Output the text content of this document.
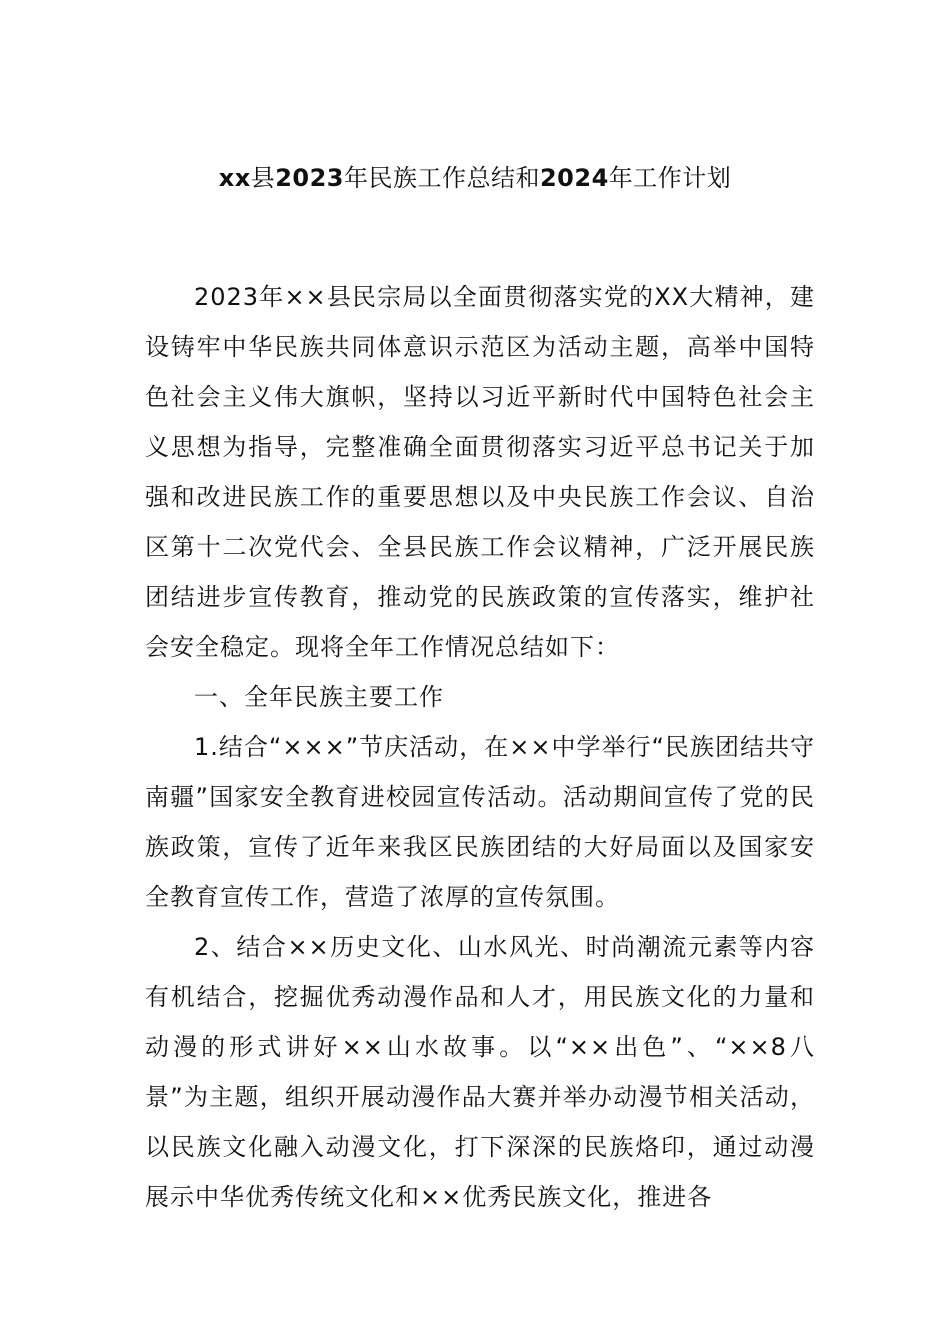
xx县2023年民族工作总结和2024年工作计划

2023年××县民宗局以全面贯彻落实党的XX大精神，建设铸牢中华民族共同体意识示范区为活动主题，高举中国特色社会主义伟大旗帜，坚持以习近平新时代中国特色社会主义思想为指导，完整准确全面贯彻落实习近平总书记关于加强和改进民族工作的重要思想以及中央民族工作会议、自治区第十二次党代会、全县民族工作会议精神，广泛开展民族团结进步宣传教育，推动党的民族政策的宣传落实，维护社会安全稳定。现将全年工作情况总结如下：

一、全年民族主要工作

1.结合“×××”节庆活动，在××中学举行“民族团结共守南疆”国家安全教育进校园宣传活动。活动期间宣传了党的民族政策，宣传了近年来我区民族团结的大好局面以及国家安全教育宣传工作，营造了浓厚的宣传氛围。

2、结合××历史文化、山水风光、时尚潮流元素等内容有机结合，挖掘优秀动漫作品和人才，用民族文化的力量和动漫的形式讲好××山水故事。以“××出色”、“××8八景”为主题，组织开展动漫作品大赛并举办动漫节相关活动，以民族文化融入动漫文化，打下深深的民族烙印，通过动漫展示中华优秀传统文化和××优秀民族文化，推进各
